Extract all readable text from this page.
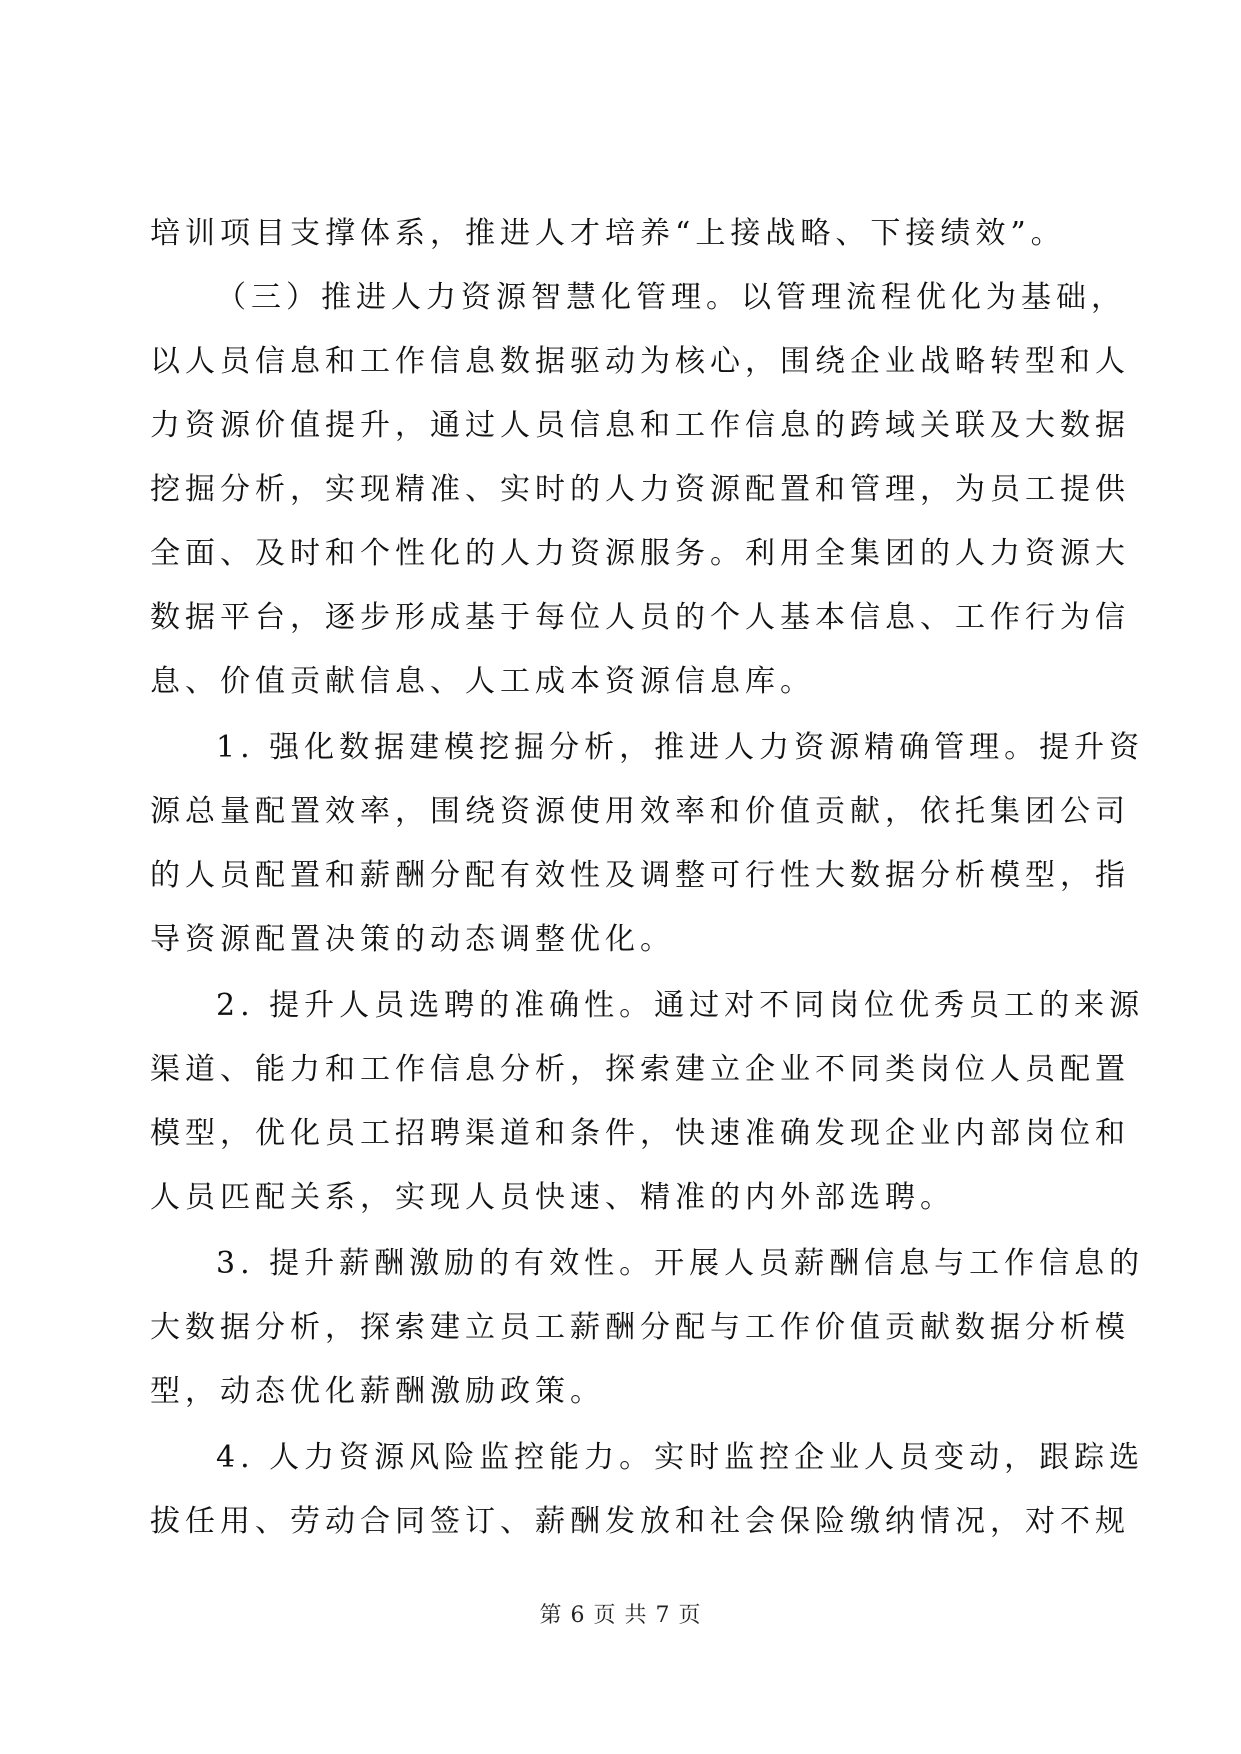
培训项目支撑体系，推进人才培养“上接战略、下接绩效”。
（三）推进人力资源智慧化管理。以管理流程优化为基础，
以人员信息和工作信息数据驱动为核心，围绕企业战略转型和人
力资源价值提升，通过人员信息和工作信息的跨域关联及大数据
挖掘分析，实现精准、实时的人力资源配置和管理，为员工提供
全面、及时和个性化的人力资源服务。利用全集团的人力资源大
数据平台，逐步形成基于每位人员的个人基本信息、工作行为信
息、价值贡献信息、人工成本资源信息库。
1. 强化数据建模挖掘分析，推进人力资源精确管理。提升资
源总量配置效率，围绕资源使用效率和价值贡献，依托集团公司
的人员配置和薪酬分配有效性及调整可行性大数据分析模型，指
导资源配置决策的动态调整优化。
2. 提升人员选聘的准确性。通过对不同岗位优秀员工的来源
渠道、能力和工作信息分析，探索建立企业不同类岗位人员配置
模型，优化员工招聘渠道和条件，快速准确发现企业内部岗位和
人员匹配关系，实现人员快速、精准的内外部选聘。
3. 提升薪酬激励的有效性。开展人员薪酬信息与工作信息的
大数据分析，探索建立员工薪酬分配与工作价值贡献数据分析模
型，动态优化薪酬激励政策。
4. 人力资源风险监控能力。实时监控企业人员变动，跟踪选
拔任用、劳动合同签订、薪酬发放和社会保险缴纳情况，对不规
第 6 页 共 7 页
